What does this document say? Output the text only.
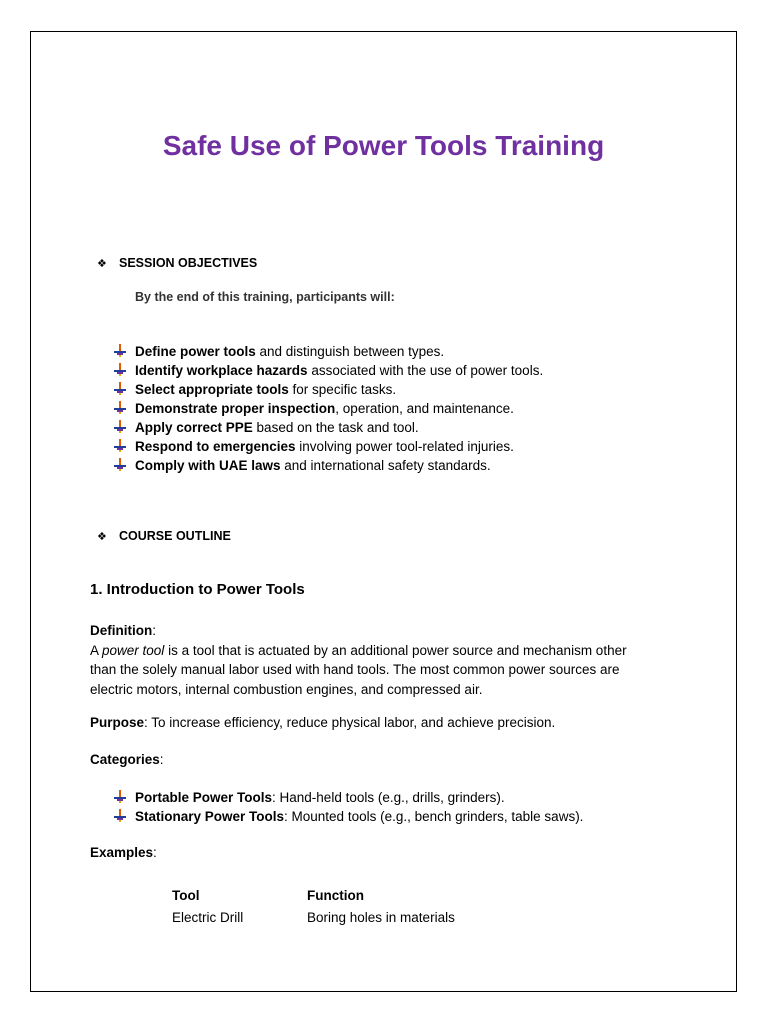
Safe Use of Power Tools Training
❖ SESSION OBJECTIVES
By the end of this training, participants will:
Define power tools and distinguish between types.
Identify workplace hazards associated with the use of power tools.
Select appropriate tools for specific tasks.
Demonstrate proper inspection, operation, and maintenance.
Apply correct PPE based on the task and tool.
Respond to emergencies involving power tool-related injuries.
Comply with UAE laws and international safety standards.
❖ COURSE OUTLINE
1. Introduction to Power Tools
Definition:
A power tool is a tool that is actuated by an additional power source and mechanism other
than the solely manual labor used with hand tools. The most common power sources are
electric motors, internal combustion engines, and compressed air.
Purpose: To increase efficiency, reduce physical labor, and achieve precision.
Categories:
Portable Power Tools: Hand-held tools (e.g., drills, grinders).
Stationary Power Tools: Mounted tools (e.g., bench grinders, table saws).
Examples:
Tool	Function
Electric Drill	Boring holes in materials
